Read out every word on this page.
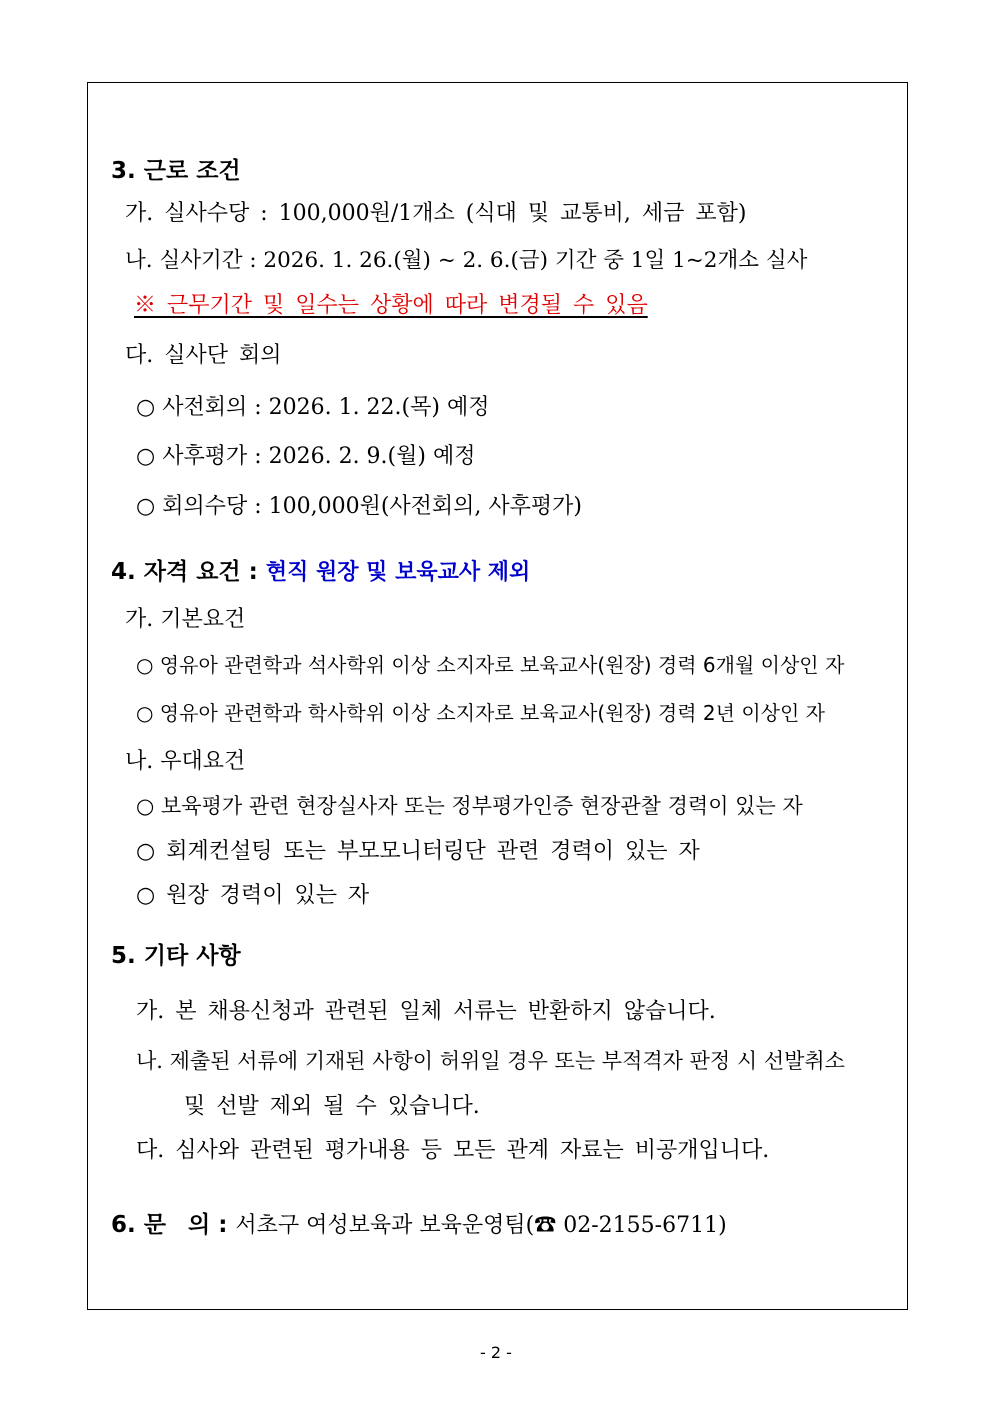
3. 근로 조건
가. 실사수당 : 100,000원/1개소 (식대 및 교통비, 세금 포함)
나. 실사기간 : 2026. 1. 26.(월) ~ 2. 6.(금) 기간 중 1일 1~2개소 실사
※ 근무기간 및 일수는 상황에 따라 변경될 수 있음
다. 실사단 회의
○ 사전회의 : 2026. 1. 22.(목) 예정
○ 사후평가 : 2026. 2. 9.(월) 예정
○ 회의수당 : 100,000원(사전회의, 사후평가)
4. 자격 요건 : 현직 원장 및 보육교사 제외
가. 기본요건
○ 영유아 관련학과 석사학위 이상 소지자로 보육교사(원장) 경력 6개월 이상인 자
○ 영유아 관련학과 학사학위 이상 소지자로 보육교사(원장) 경력 2년 이상인 자
나. 우대요건
○ 보육평가 관련 현장실사자 또는 정부평가인증 현장관찰 경력이 있는 자
○ 회계컨설팅 또는 부모모니터링단 관련 경력이 있는 자
○ 원장 경력이 있는 자
5. 기타 사항
가. 본 채용신청과 관련된 일체 서류는 반환하지 않습니다.
나. 제출된 서류에 기재된 사항이 허위일 경우 또는 부적격자 판정 시 선발취소
및 선발 제외 될 수 있습니다.
다. 심사와 관련된 평가내용 등 모든 관계 자료는 비공개입니다.
6. 문 의 : 서초구 여성보육과 보육운영팀(☎ 02-2155-6711)
- 2 -
